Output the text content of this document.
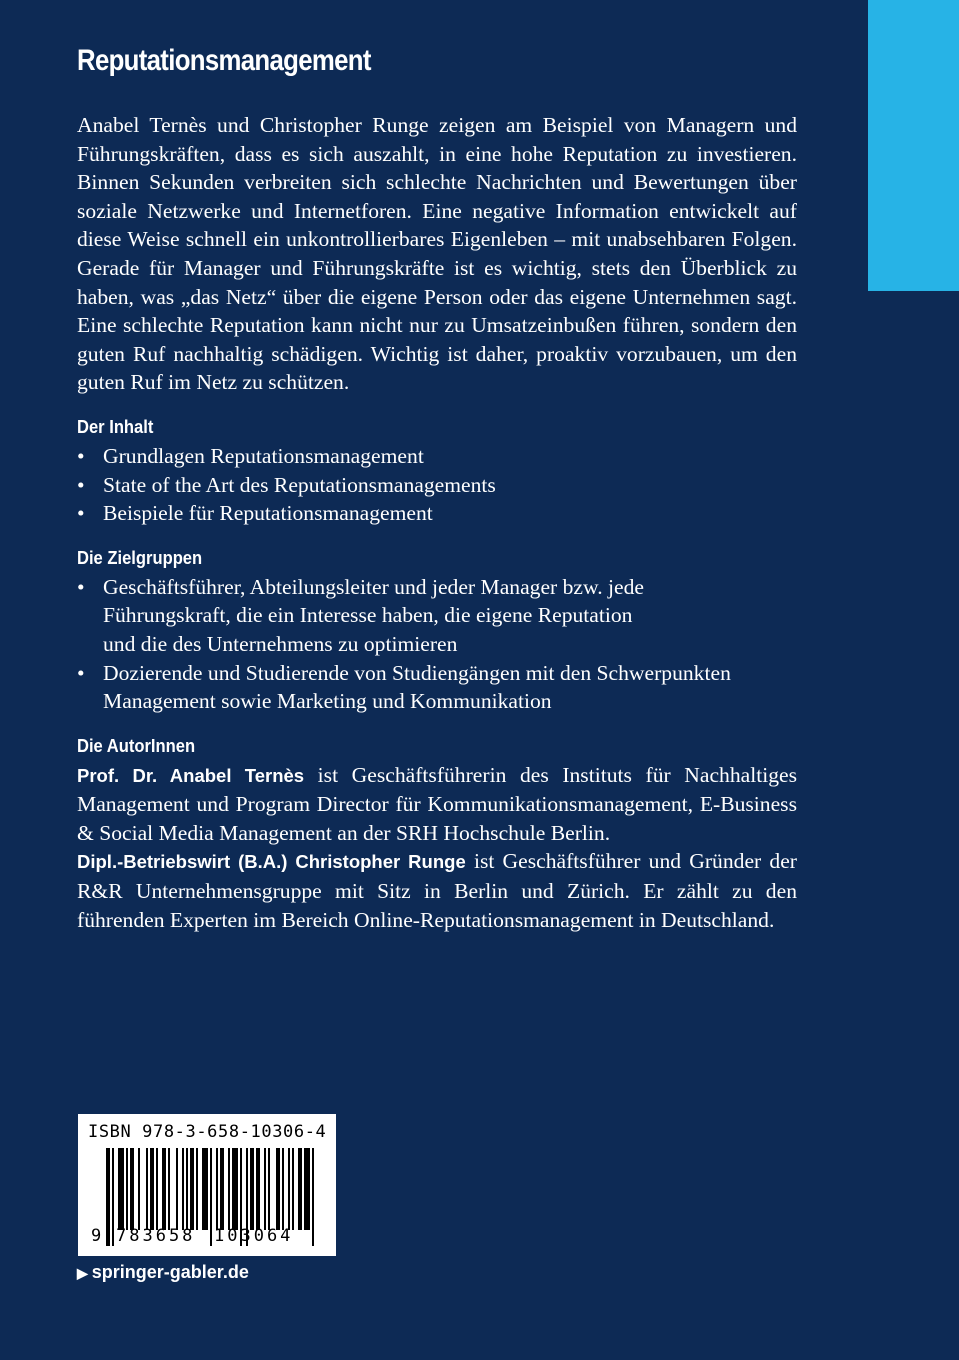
Reputationsmanagement

Anabel Ternès und Christopher Runge zeigen am Beispiel von Managern und Führungskräften, dass es sich auszahlt, in eine hohe Reputation zu investieren. Binnen Sekunden verbreiten sich schlechte Nachrichten und Bewertungen über soziale Netzwerke und Internetforen. Eine negative Information entwickelt auf diese Weise schnell ein unkontrollierbares Eigenleben – mit unabsehbaren Folgen. Gerade für Manager und Führungskräfte ist es wichtig, stets den Überblick zu haben, was „das Netz“ über die eigene Person oder das eigene Unternehmen sagt. Eine schlechte Reputation kann nicht nur zu Umsatzeinbußen führen, sondern den guten Ruf nachhaltig schädigen. Wichtig ist daher, proaktiv vorzubauen, um den guten Ruf im Netz zu schützen.

Der Inhalt
• Grundlagen Reputationsmanagement
• State of the Art des Reputationsmanagements
• Beispiele für Reputationsmanagement
Die Zielgruppen
• Geschäftsführer, Abteilungsleiter und jeder Manager bzw. jede Führungskraft, die ein Interesse haben, die eigene Reputation und die des Unternehmens zu optimieren
• Dozierende und Studierende von Studiengängen mit den Schwerpunkten Management sowie Marketing und Kommunikation
Die AutorInnen

Prof. Dr. Anabel Ternès ist Geschäftsführerin des Instituts für Nachhaltiges Management und Program Director für Kommunikationsmanagement, E-Business & Social Media Management an der SRH Hochschule Berlin.

Dipl.-Betriebswirt (B.A.) Christopher Runge ist Geschäftsführer und Gründer der R&R Unternehmensgruppe mit Sitz in Berlin und Zürich. Er zählt zu den führenden Experten im Bereich Online-Reputationsmanagement in Deutschland.

ISBN 978-3-658-10306-4
9 783658 103064
▶ springer-gabler.de
